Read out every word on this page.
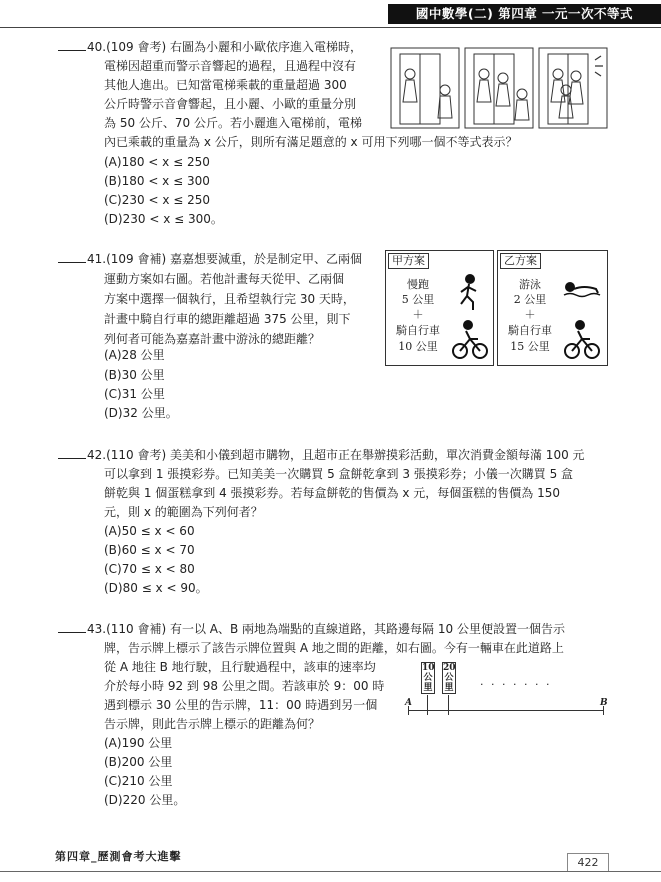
國中數學(二) 第四章 一元一次不等式
40.(109 會考) 右圖為小麗和小歐依序進入電梯時，
電梯因超重而警示音響起的過程，且過程中沒有
其他人進出。已知當電梯乘載的重量超過 300
公斤時警示音會響起，且小麗、小歐的重量分別
為 50 公斤、70 公斤。若小麗進入電梯前，電梯
內已乘載的重量為 x 公斤，則所有滿足題意的 x 可用下列哪一個不等式表示？
(A)180 < x ≤ 250
(B)180 < x ≤ 300
(C)230 < x ≤ 250
(D)230 < x ≤ 300。
41.(109 會補) 嘉嘉想要減重，於是制定甲、乙兩個
運動方案如右圖。若他計畫每天從甲、乙兩個
方案中選擇一個執行，且希望執行完 30 天時，
計畫中騎自行車的總距離超過 375 公里，則下
列何者可能為嘉嘉計畫中游泳的總距離？
(A)28 公里
(B)30 公里
(C)31 公里
(D)32 公里。
甲方案
慢跑
5 公里
＋
騎自行車
10 公里
乙方案
游泳
2 公里
＋
騎自行車
15 公里
42.(110 會考) 美美和小儀到超市購物，且超市正在舉辦摸彩活動，單次消費金額每滿 100 元
可以拿到 1 張摸彩券。已知美美一次購買 5 盒餅乾拿到 3 張摸彩券；小儀一次購買 5 盒
餅乾與 1 個蛋糕拿到 4 張摸彩券。若每盒餅乾的售價為 x 元，每個蛋糕的售價為 150
元，則 x 的範圍為下列何者？
(A)50 ≤ x < 60
(B)60 ≤ x < 70
(C)70 ≤ x < 80
(D)80 ≤ x < 90。
43.(110 會補) 有一以 A、B 兩地為端點的直線道路，其路邊每隔 10 公里便設置一個告示
牌，告示牌上標示了該告示牌位置與 A 地之間的距離，如右圖。今有一輛車在此道路上
從 A 地往 B 地行駛，且行駛過程中，該車的速率均
介於每小時 92 到 98 公里之間。若該車於 9：00 時
遇到標示 30 公里的告示牌，11：00 時遇到另一個
告示牌，則此告示牌上標示的距離為何？
(A)190 公里
(B)200 公里
(C)210 公里
(D)220 公里。
10
公
里
20
公
里
A	B
· · · · · · ·
第四章_歷測會考大進擊	422
